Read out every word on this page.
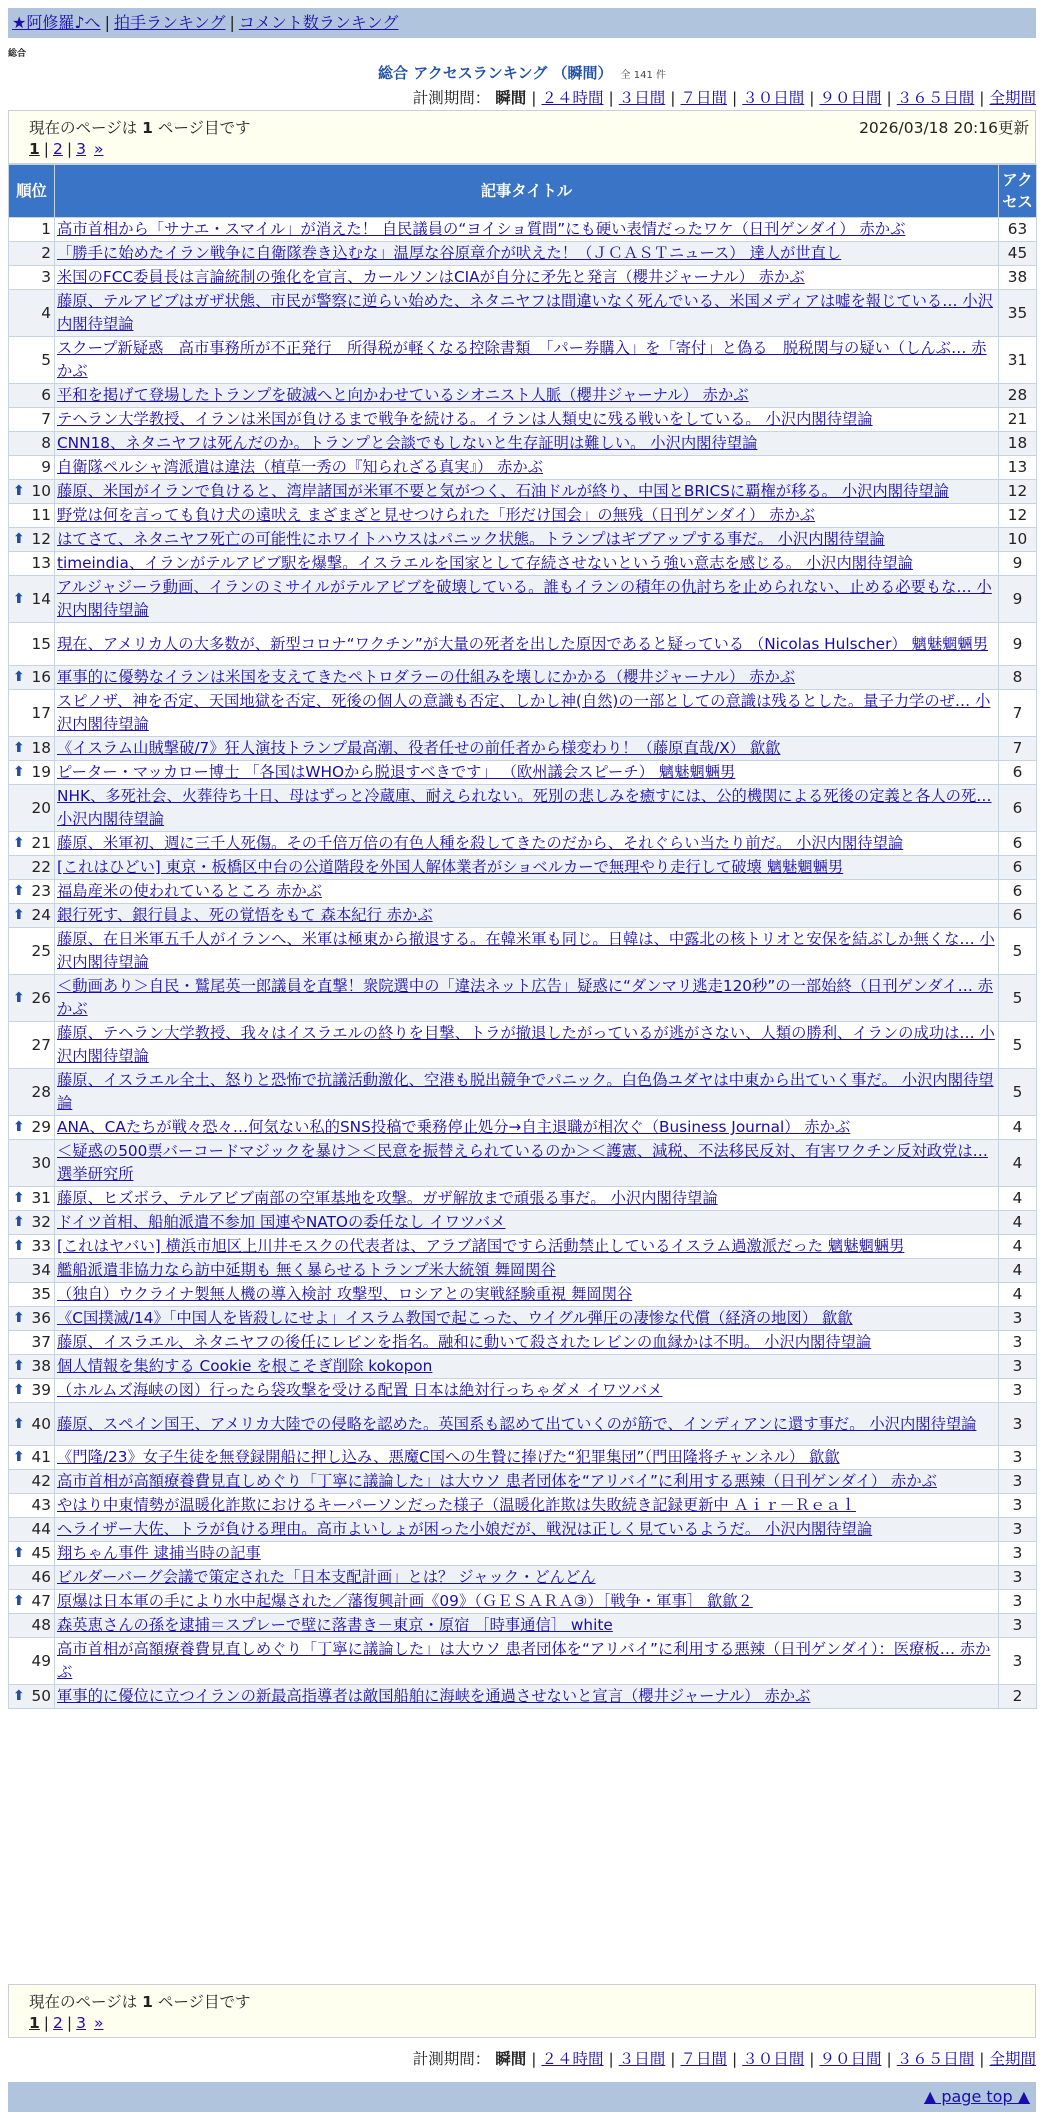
★阿修羅♪へ | 拍手ランキング | コメント数ランキング
総合
総合 アクセスランキング （瞬間） 全 141 件
計測期間： 瞬間 | ２４時間 | ３日間 | ７日間 | ３０日間 | ９０日間 | ３６５日間 | 全期間
現在のページは 1 ページ目です	2026/03/18 20:16更新
1 | 2 | 3 »
順位	記事タイトル	アクセス
1	高市首相から「サナエ・スマイル」が消えた！ 自民議員の“ヨイショ質問”にも硬い表情だったワケ（日刊ゲンダイ） 赤かぶ	63
2	「勝手に始めたイラン戦争に自衛隊巻き込むな」温厚な谷原章介が吠えた！（ＪＣＡＳＴニュース） 達人が世直し	45
3	米国のFCC委員長は言論統制の強化を宣言、カールソンはCIAが自分に矛先と発言（櫻井ジャーナル） 赤かぶ	38
4	藤原、テルアビブはガザ状態、市民が警察に逆らい始めた、ネタニヤフは間違いなく死んでいる、米国メディアは嘘を報じている… 小沢内閣待望論	35
5	スクープ新疑惑　高市事務所が不正発行　所得税が軽くなる控除書類　「パー券購入」を「寄付」と偽る　脱税関与の疑い（しんぶ… 赤かぶ	31
6	平和を掲げて登場したトランプを破滅へと向かわせているシオニスト人脈（櫻井ジャーナル） 赤かぶ	28
7	テヘラン大学教授、イランは米国が負けるまで戦争を続ける。イランは人類史に残る戦いをしている。 小沢内閣待望論	21
8	CNN18、ネタニヤフは死んだのか。トランプと会談でもしないと生存証明は難しい。 小沢内閣待望論	18
9	自衛隊ペルシャ湾派遣は違法（植草一秀の『知られざる真実』） 赤かぶ	13

⬆ 10	藤原、米国がイランで負けると、湾岸諸国が米軍不要と気がつく、石油ドルが終り、中国とBRICSに覇権が移る。 小沢内閣待望論	12
11	野党は何を言っても負け犬の遠吠え まざまざと見せつけられた「形だけ国会」の無残（日刊ゲンダイ） 赤かぶ	12

⬆ 12	はてさて、ネタニヤフ死亡の可能性にホワイトハウスはパニック状態。トランプはギブアップする事だ。 小沢内閣待望論	10
13	timeindia、イランがテルアビブ駅を爆撃。イスラエルを国家として存続させないという強い意志を感じる。 小沢内閣待望論	9

⬆ 14	アルジャジーラ動画、イランのミサイルがテルアビブを破壊している。誰もイランの積年の仇討ちを止められない、止める必要もな… 小沢内閣待望論	9
15	現在、アメリカ人の大多数が、新型コロナ“ワクチン”が大量の死者を出した原因であると疑っている （Nicolas Hulscher） 魑魅魍魎男	9

⬆ 16	軍事的に優勢なイランは米国を支えてきたペトロダラーの仕組みを壊しにかかる（櫻井ジャーナル） 赤かぶ	8
17	スピノザ、神を否定、天国地獄を否定、死後の個人の意識も否定、しかし神(自然)の一部としての意識は残るとした。量子力学のぜ… 小沢内閣待望論	7

⬆ 18	《イスラム山賊撃破/7》狂人演技トランプ最高潮、役者任せの前任者から様変わり！（藤原直哉/X） 歙歙	7

⬆ 19	ピーター・マッカロー博士 「各国はWHOから脱退すべきです」 （欧州議会スピーチ） 魑魅魍魎男	6
20	NHK、多死社会、火葬待ち十日、母はずっと冷蔵庫、耐えられない。死別の悲しみを癒すには、公的機関による死後の定義と各人の死… 小沢内閣待望論	6

⬆ 21	藤原、米軍初、週に三千人死傷。その千倍万倍の有色人種を殺してきたのだから、それぐらい当たり前だ。 小沢内閣待望論	6
22	[これはひどい] 東京・板橋区中台の公道階段を外国人解体業者がショベルカーで無理やり走行して破壊 魑魅魍魎男	6

⬆ 23	福島産米の使われているところ 赤かぶ	6

⬆ 24	銀行死す、銀行員よ、死の覚悟をもて 森本紀行 赤かぶ	6
25	藤原、在日米軍五千人がイランへ、米軍は極東から撤退する。在韓米軍も同じ。日韓は、中露北の核トリオと安保を結ぶしか無くな… 小沢内閣待望論	5

⬆ 26	＜動画あり＞自民・鷲尾英一郎議員を直撃！衆院選中の「違法ネット広告」疑惑に“ダンマリ逃走120秒”の一部始終（日刊ゲンダイ… 赤かぶ	5
27	藤原、テヘラン大学教授、我々はイスラエルの終りを目撃、トラが撤退したがっているが逃がさない、人類の勝利、イランの成功は… 小沢内閣待望論	5
28	藤原、イスラエル全土、怒りと恐怖で抗議活動激化、空港も脱出競争でパニック。白色偽ユダヤは中東から出ていく事だ。 小沢内閣待望論	5

⬆ 29	ANA、CAたちが戦々恐々…何気ない私的SNS投稿で乗務停止処分→自主退職が相次ぐ（Business Journal） 赤かぶ	4
30	＜疑惑の500票バーコードマジックを暴け＞＜民意を振替えられているのか＞＜護憲、減税、不法移民反対、有害ワクチン反対政党は… 選挙研究所	4

⬆ 31	藤原、ヒズボラ、テルアビブ南部の空軍基地を攻撃。ガザ解放まで頑張る事だ。 小沢内閣待望論	4

⬆ 32	ドイツ首相、船舶派遣不参加 国連やNATOの委任なし イワツバメ	4

⬆ 33	[これはヤバい] 横浜市旭区上川井モスクの代表者は、アラブ諸国ですら活動禁止しているイスラム過激派だった 魑魅魍魎男	4
34	艦船派遣非協力なら訪中延期も 無く暴らせるトランプ米大統領 舞岡関谷	4
35	（独自）ウクライナ製無人機の導入検討 攻撃型、ロシアとの実戦経験重視 舞岡関谷	4

⬆ 36	《C国撲滅/14》「中国人を皆殺しにせよ」イスラム教国で起こった、ウイグル弾圧の凄惨な代償（経済の地図） 歙歙	3
37	藤原、イスラエル、ネタニヤフの後任にレビンを指名。融和に動いて殺されたレビンの血縁かは不明。 小沢内閣待望論	3

⬆ 38	個人情報を集約する Cookie を根こそぎ削除 kokopon	3

⬆ 39	（ホルムズ海峡の図）行ったら袋攻撃を受ける配置 日本は絶対行っちゃダメ イワツバメ	3

⬆ 40	藤原、スペイン国王、アメリカ大陸での侵略を認めた。英国系も認めて出ていくのが筋で、インディアンに還す事だ。 小沢内閣待望論	3

⬆ 41	《門隆/23》女子生徒を無登録開船に押し込み、悪魔C国への生贄に捧げた“犯罪集団”（門田隆将チャンネル） 歙歙	3
42	高市首相が高額療養費見直しめぐり「丁寧に議論した」は大ウソ 患者団体を“アリバイ”に利用する悪辣（日刊ゲンダイ） 赤かぶ	3
43	やはり中東情勢が温暖化詐欺におけるキーパーソンだった様子（温暖化詐欺は失敗続き記録更新中 Ａｉｒ－Ｒｅａｌ	3
44	ヘライザー大佐、トラが負ける理由。高市よいしょが困った小娘だが、戦況は正しく見ているようだ。 小沢内閣待望論	3

⬆ 45	翔ちゃん事件 逮捕当時の記事	3
46	ビルダーバーグ会議で策定された「日本支配計画」とは？ ジャック・どんどん	3

⬆ 47	原爆は日本軍の手により水中起爆された／藩復興計画《09》（ＧＥＳＡＲＡ③）［戦争・軍事］ 歙歙２	3
48	森英恵さんの孫を逮捕＝スプレーで壁に落書き－東京・原宿 ［時事通信］ white	3
49	高市首相が高額療養費見直しめぐり「丁寧に議論した」は大ウソ 患者団体を“アリバイ”に利用する悪辣（日刊ゲンダイ）：医療板… 赤かぶ	3

⬆ 50	軍事的に優位に立つイランの新最高指導者は敵国船舶に海峡を通過させないと宣言（櫻井ジャーナル） 赤かぶ	2
現在のページは 1 ページ目です
1 | 2 | 3 »
計測期間： 瞬間 | ２４時間 | ３日間 | ７日間 | ３０日間 | ９０日間 | ３６５日間 | 全期間
▲ page top ▲
